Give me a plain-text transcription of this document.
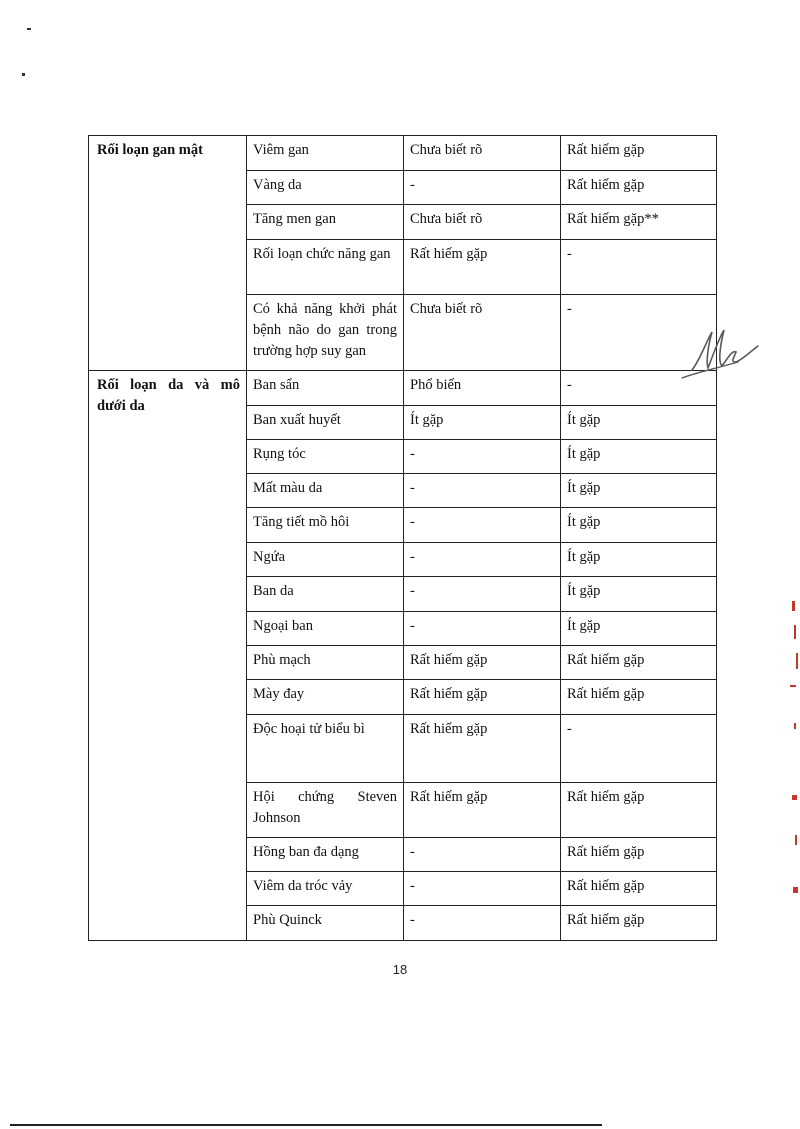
Rối loạn gan mật	Viêm gan	Chưa biết rõ	Rất hiếm gặp
	Vàng da	-	Rất hiếm gặp
	Tăng men gan	Chưa biết rõ	Rất hiếm gặp**
	Rối loạn chức năng gan	Rất hiếm gặp	-
	Có khả năng khởi phát bệnh não do gan trong trường hợp suy gan	Chưa biết rõ	-
Rối loạn da và mô dưới da	Ban sẩn	Phổ biến	-
	Ban xuất huyết	Ít gặp	Ít gặp
	Rụng tóc	-	Ít gặp
	Mất màu da	-	Ít gặp
	Tăng tiết mồ hôi	-	Ít gặp
	Ngứa	-	Ít gặp
	Ban da	-	Ít gặp
	Ngoại ban	-	Ít gặp
	Phù mạch	Rất hiếm gặp	Rất hiếm gặp
	Mày đay	Rất hiếm gặp	Rất hiếm gặp
	Độc hoại tử biểu bì	Rất hiếm gặp	-
	Hội chứng Steven Johnson	Rất hiếm gặp	Rất hiếm gặp
	Hồng ban đa dạng	-	Rất hiếm gặp
	Viêm da tróc vảy	-	Rất hiếm gặp
	Phù Quinck	-	Rất hiếm gặp
18
